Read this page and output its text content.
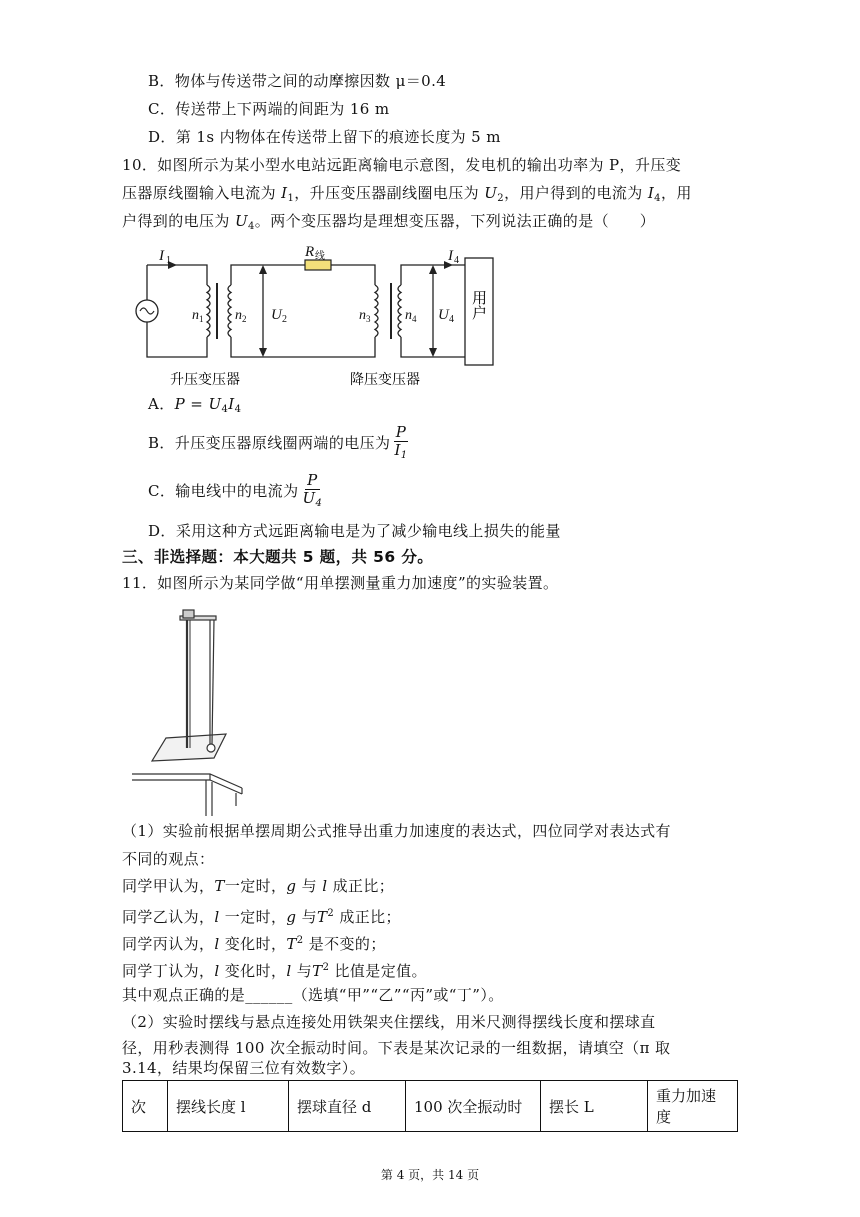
B．物体与传送带之间的动摩擦因数 μ＝0.4
C．传送带上下两端的间距为 16 m
D．第 1s 内物体在传送带上留下的痕迹长度为 5 m
10．如图所示为某小型水电站远距离输电示意图，发电机的输出功率为 P，升压变
压器原线圈输入电流为 $I_1$，升压变压器副线圈电压为 $U_2$，用户得到的电流为 $I_4$，用
户得到的电压为 $U_4$。两个变压器均是理想变压器，下列说法正确的是（　　）
I 1
R 线	I 4
n 1 n 2 U 2	n 3 n 4 U 4 用户
升压变压器	降压变压器
A．$P = U_4I_4$
B．升压变压器原线圈两端的电压为 $\frac{P}{I_1}$
C．输电线中的电流为 $\frac{P}{U_4}$
D．采用这种方式远距离输电是为了减少输电线上损失的能量
三、非选择题：本大题共 5 题，共 56 分。
11．如图所示为某同学做“用单摆测量重力加速度”的实验装置。
（1）实验前根据单摆周期公式推导出重力加速度的表达式，四位同学对表达式有
不同的观点：
同学甲认为，T一定时，g 与 l 成正比；
同学乙认为，l 一定时，g 与$T^2$ 成正比；
同学丙认为，l 变化时，$T^2$ 是不变的；
同学丁认为，l 变化时，l 与$T^2$ 比值是定值。
其中观点正确的是______（选填“甲”“乙”“丙”或“丁”）。
（2）实验时摆线与悬点连接处用铁架夹住摆线，用米尺测得摆线长度和摆球直
径，用秒表测得 100 次全振动时间。下表是某次记录的一组数据，请填空（π 取
3.14，结果均保留三位有效数字）。
次	摆线长度 l	摆球直径 d	100 次全振动时	摆长 L	重力加速度
第 4 页，共 14 页
